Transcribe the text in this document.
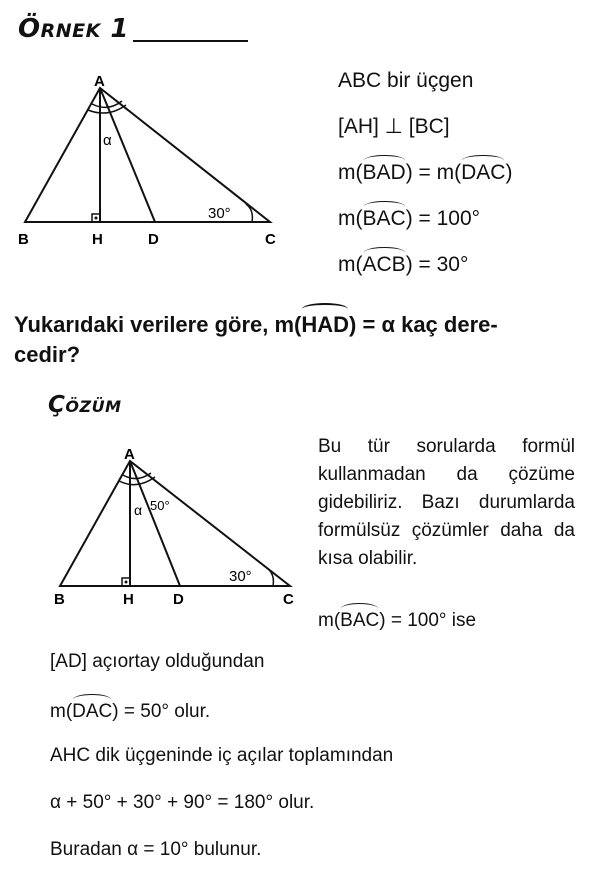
ÖRNEK 1
A
B	H	D	C
α
30°
ABC bir üçgen
[AH] ⊥ [BC]
m(BAD) = m(DAC)
m(BAC) = 100°
m(ACB) = 30°
Yukarıdaki verilere göre, m(HAD) = α kaç dere-
cedir?
ÇÖZÜM
A
B	H	D	C
α 50°
30°
Bu tür sorularda formül kullanmadan da çözüme gidebiliriz. Bazı durumlarda formülsüz çözümler daha da kısa olabilir.
m(BAC) = 100° ise
[AD] açıortay olduğundan
m(DAC) = 50° olur.
AHC dik üçgeninde iç açılar toplamından
α + 50° + 30° + 90° = 180° olur.
Buradan α = 10° bulunur.
